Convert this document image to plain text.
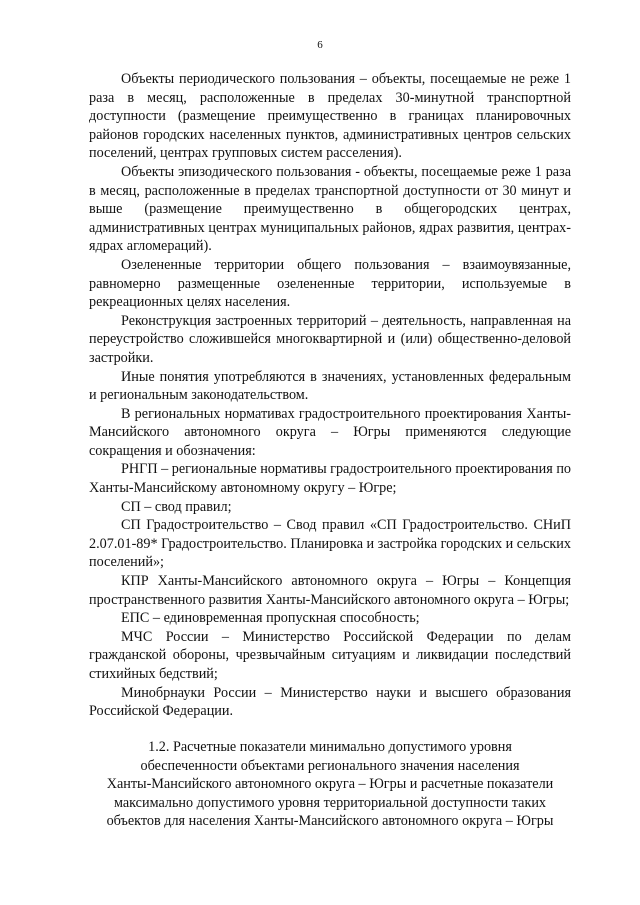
6

Объекты периодического пользования – объекты, посещаемые не реже 1 раза в месяц, расположенные в пределах 30-минутной транспортной доступности (размещение преимущественно в границах планировочных районов городских населенных пунктов, административных центров сельских поселений, центрах групповых систем расселения).

Объекты эпизодического пользования - объекты, посещаемые реже 1 раза в месяц, расположенные в пределах транспортной доступности от 30 минут и выше (размещение преимущественно в общегородских центрах, административных центрах муниципальных районов, ядрах развития, центрах-ядрах агломераций).

Озелененные территории общего пользования – взаимоувязанные, равномерно размещенные озелененные территории, используемые в рекреационных целях населения.

Реконструкция застроенных территорий – деятельность, направленная на переустройство сложившейся многоквартирной и (или) общественно-деловой застройки.

Иные понятия употребляются в значениях, установленных федеральным и региональным законодательством.

В региональных нормативах градостроительного проектирования Ханты-Мансийского автономного округа – Югры применяются следующие сокращения и обозначения:

РНГП – региональные нормативы градостроительного проектирования по Ханты-Мансийскому автономному округу – Югре;

СП – свод правил;

СП Градостроительство – Свод правил «СП Градостроительство. СНиП 2.07.01-89* Градостроительство. Планировка и застройка городских и сельских поселений»;

КПР Ханты-Мансийского автономного округа – Югры – Концепция пространственного развития Ханты-Мансийского автономного округа – Югры;

ЕПС – единовременная пропускная способность;

МЧС России – Министерство Российской Федерации по делам гражданской обороны, чрезвычайным ситуациям и ликвидации последствий стихийных бедствий;

Минобрнауки России – Министерство науки и высшего образования Российской Федерации.

1.2. Расчетные показатели минимально допустимого уровня

обеспеченности объектами регионального значения населения

Ханты-Мансийского автономного округа – Югры и расчетные показатели

максимально допустимого уровня территориальной доступности таких

объектов для населения Ханты-Мансийского автономного округа – Югры
